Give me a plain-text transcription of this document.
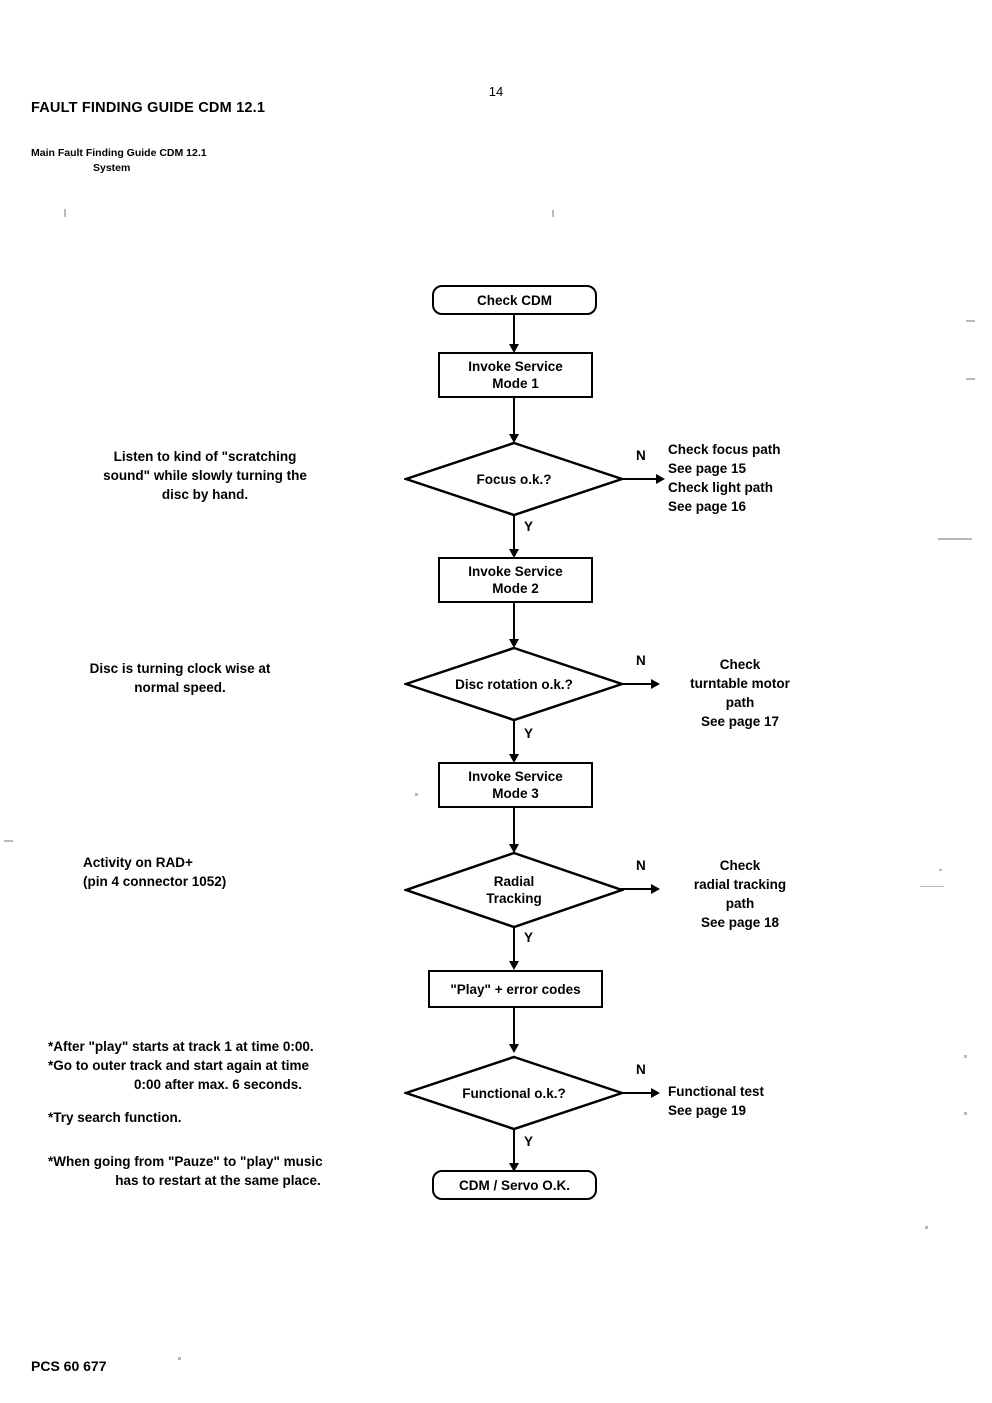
14
FAULT FINDING GUIDE CDM 12.1
Main Fault Finding Guide CDM 12.1
System
Check CDM
Invoke Service
Mode 1
Focus o.k.?
N Check focus path
See page 15
Check light path
See page 16
Y
Invoke Service
Mode 2
Disc rotation o.k.?
N	Check
turntable motor
path
See page 17
Y
Invoke Service
Mode 3
Radial
Tracking
N	Check
radial tracking
path
See page 18
Y
"Play" + error codes
Functional o.k.?
N
Functional test
See page 19
Y
CDM / Servo O.K.
Listen to kind of "scratching
sound" while slowly turning the
disc by hand.
Disc is turning clock wise at
normal speed.
Activity on RAD+
(pin 4 connector 1052)
*After "play" starts at track 1 at time 0:00.
*Go to outer track and start again at time
0:00 after max. 6 seconds.
*Try search function.
*When going from "Pauze" to "play" music
has to restart at the same place.
PCS 60 677
